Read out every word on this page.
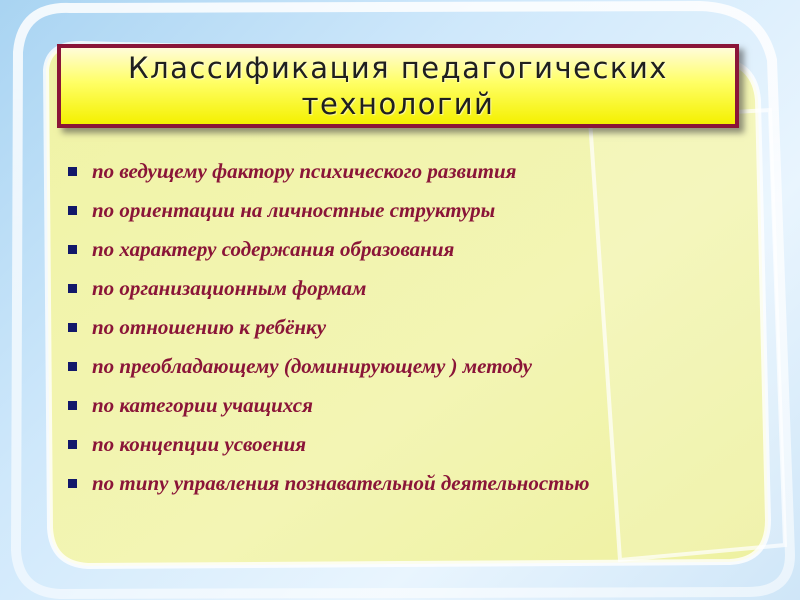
Классификация педагогических
технологий
по ведущему фактору психического развития
по ориентации на личностные структуры
по характеру содержания образования
по организационным формам
по отношению к ребёнку
по преобладающему (доминирующему ) методу
по категории учащихся
по концепции усвоения
по типу управления познавательной деятельностью
